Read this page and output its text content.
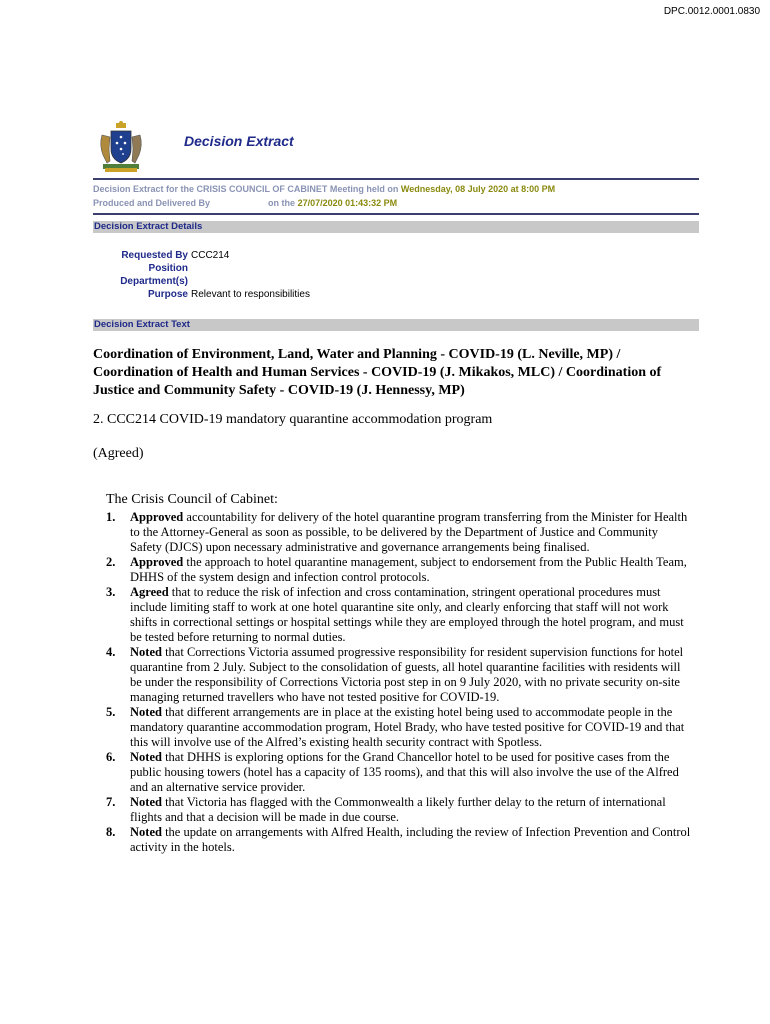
DPC.0012.0001.0830
Decision Extract
Decision Extract for the CRISIS COUNCIL OF CABINET Meeting held on Wednesday, 08 July 2020 at 8:00 PM
Produced and Delivered By	on the 27/07/2020 01:43:32 PM
Decision Extract Details
Requested By CCC214
Position
Department(s)
Purpose Relevant to responsibilities
Decision Extract Text
Coordination of Environment, Land, Water and Planning - COVID-19 (L. Neville, MP) / Coordination of Health and Human Services - COVID-19 (J. Mikakos, MLC) / Coordination of Justice and Community Safety - COVID-19 (J. Hennessy, MP)
2. CCC214 COVID-19 mandatory quarantine accommodation program
(Agreed)
The Crisis Council of Cabinet:
1. Approved accountability for delivery of the hotel quarantine program transferring from the Minister for Health to the Attorney-General as soon as possible, to be delivered by the Department of Justice and Community Safety (DJCS) upon necessary administrative and governance arrangements being finalised.
2. Approved the approach to hotel quarantine management, subject to endorsement from the Public Health Team, DHHS of the system design and infection control protocols.
3. Agreed that to reduce the risk of infection and cross contamination, stringent operational procedures must include limiting staff to work at one hotel quarantine site only, and clearly enforcing that staff will not work shifts in correctional settings or hospital settings while they are employed through the hotel program, and must be tested before returning to normal duties.
4. Noted that Corrections Victoria assumed progressive responsibility for resident supervision functions for hotel quarantine from 2 July. Subject to the consolidation of guests, all hotel quarantine facilities with residents will be under the responsibility of Corrections Victoria post step in on 9 July 2020, with no private security on-site managing returned travellers who have not tested positive for COVID-19.
5. Noted that different arrangements are in place at the existing hotel being used to accommodate people in the mandatory quarantine accommodation program, Hotel Brady, who have tested positive for COVID-19 and that this will involve use of the Alfred’s existing health security contract with Spotless.
6. Noted that DHHS is exploring options for the Grand Chancellor hotel to be used for positive cases from the public housing towers (hotel has a capacity of 135 rooms), and that this will also involve the use of the Alfred and an alternative service provider.
7. Noted that Victoria has flagged with the Commonwealth a likely further delay to the return of international flights and that a decision will be made in due course.
8. Noted the update on arrangements with Alfred Health, including the review of Infection Prevention and Control activity in the hotels.
